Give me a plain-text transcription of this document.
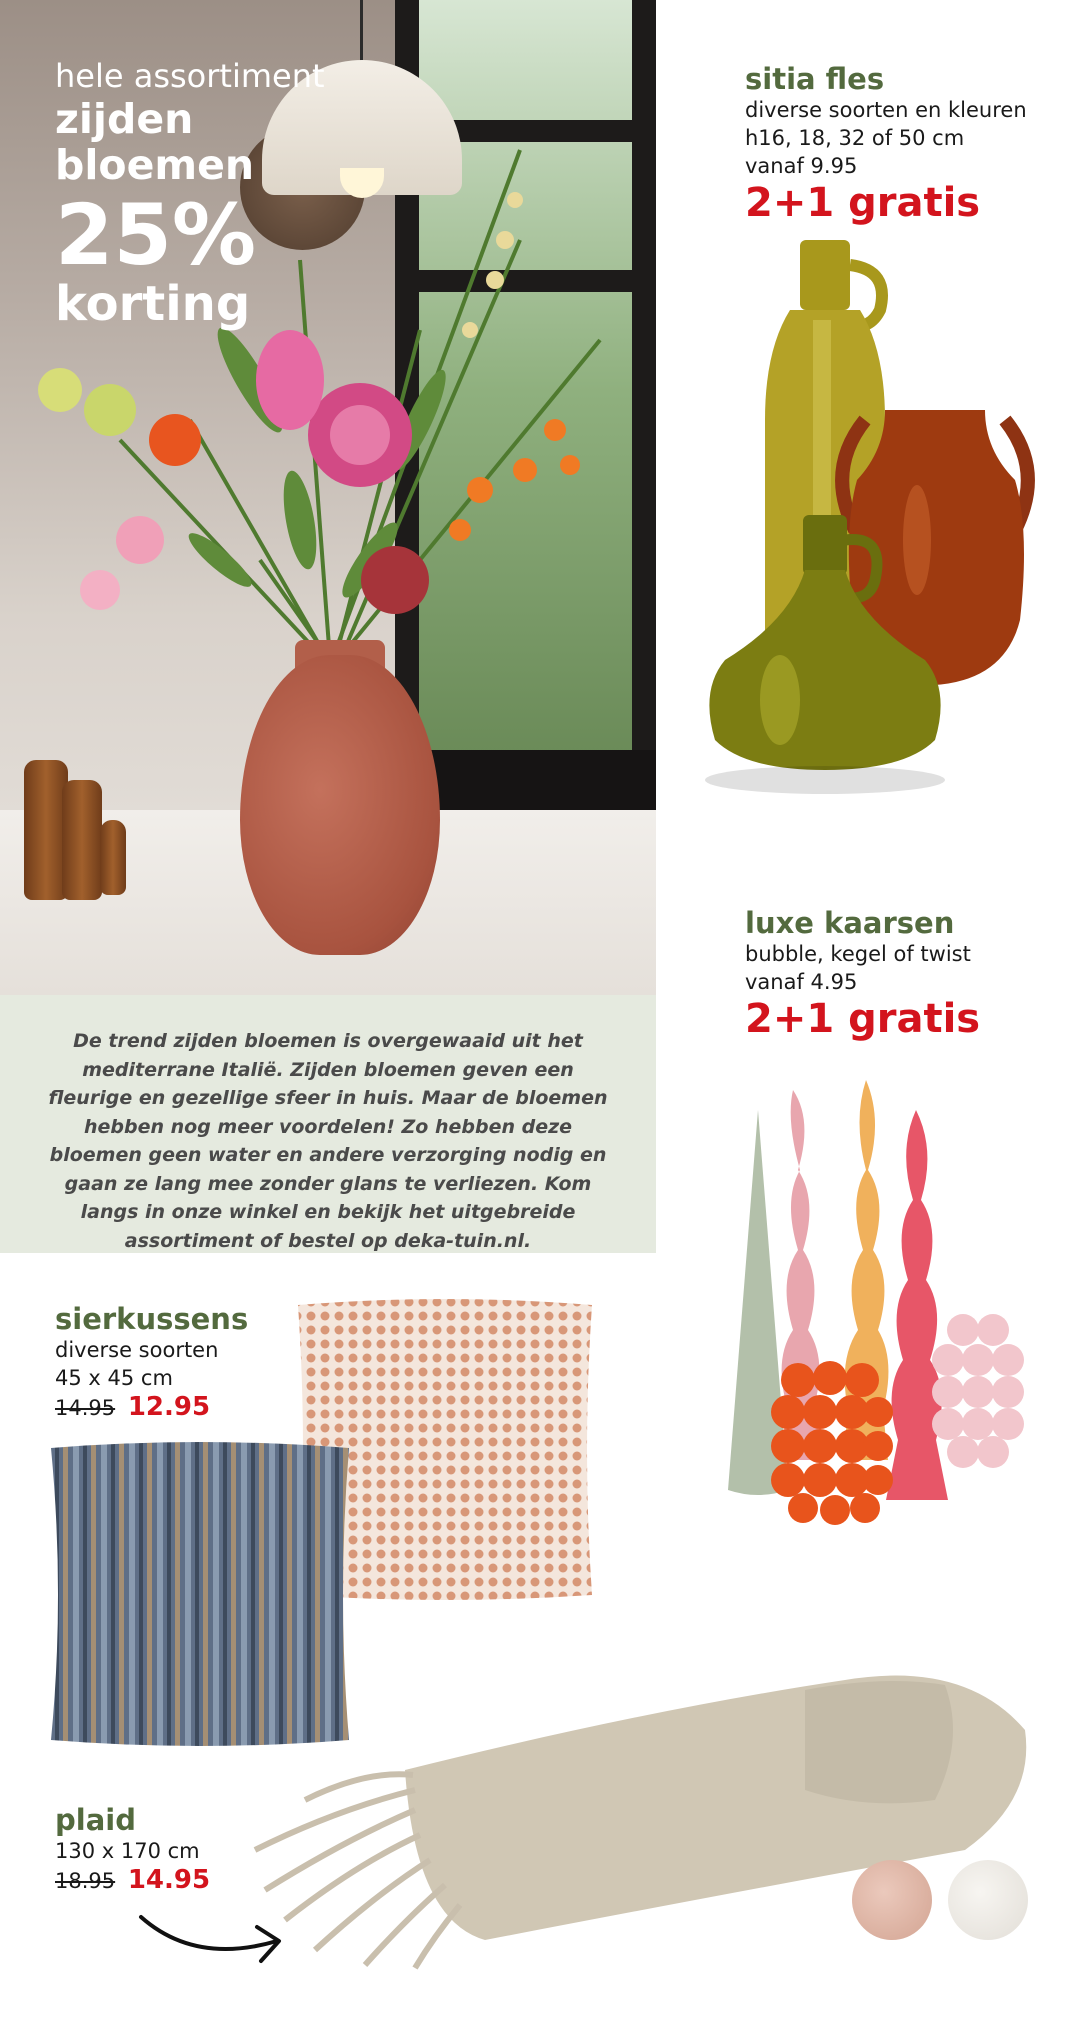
hele assortiment
zijden
bloemen
25%
korting

De trend zijden bloemen is overgewaaid uit het mediterrane Italië. Zijden bloemen geven een fleurige en gezellige sfeer in huis. Maar de bloemen hebben nog meer voordelen! Zo hebben deze bloemen geen water en andere verzorging nodig en gaan ze lang mee zonder glans te verliezen. Kom langs in onze winkel en bekijk het uitgebreide assortiment of bestel op deka-tuin.nl.

sitia fles
diverse soorten en kleuren
h16, 18, 32 of 50 cm
vanaf 9.95
2+1 gratis
luxe kaarsen
bubble, kegel of twist
vanaf 4.95
2+1 gratis
sierkussens
diverse soorten
45 x 45 cm
14.95 12.95
plaid
130 x 170 cm
18.95 14.95
